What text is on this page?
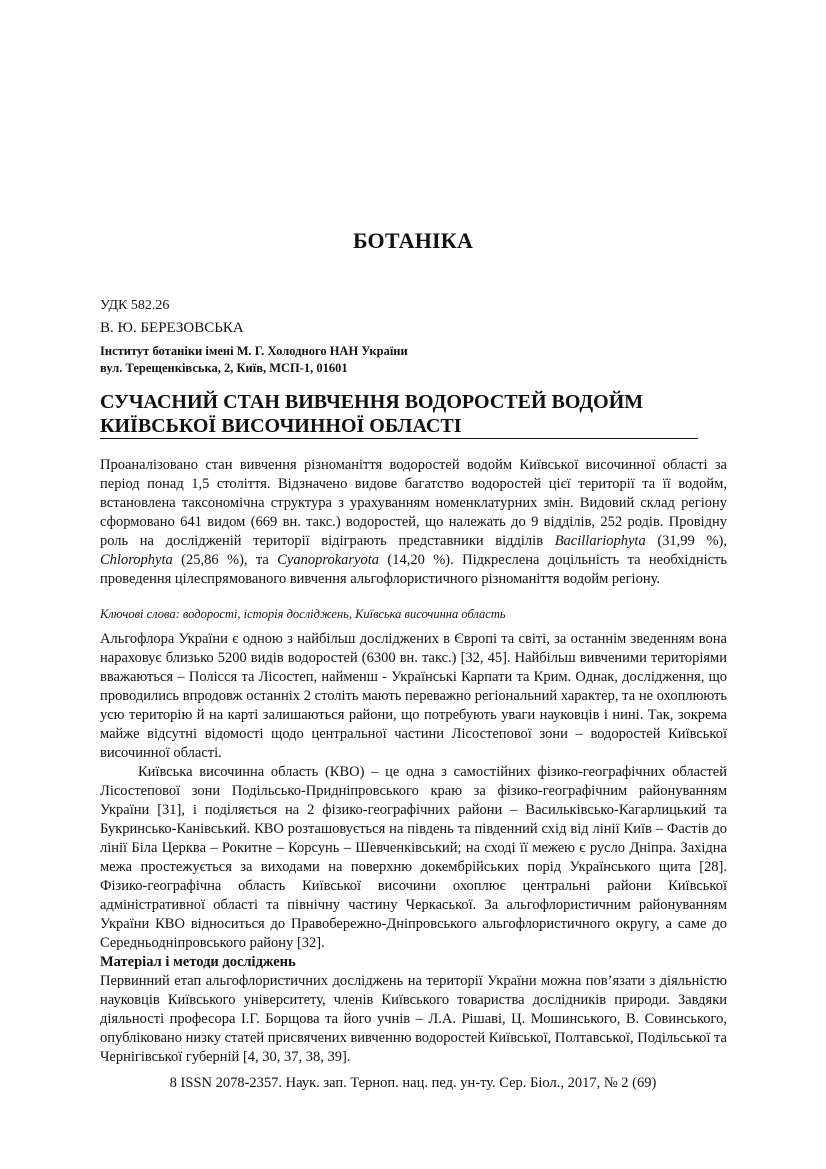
БОТАНІКА
УДК 582.26
В. Ю. БЕРЕЗОВСЬКА
Інститут ботаніки імені М. Г. Холодного НАН України
вул. Терещенківська, 2, Київ, МСП-1, 01601
СУЧАСНИЙ СТАН ВИВЧЕННЯ ВОДОРОСТЕЙ ВОДОЙМ
КИЇВСЬКОЇ ВИСОЧИННОЇ ОБЛАСТІ

Проаналізовано стан вивчення різноманіття водоростей водойм Київської височинної області за період понад 1,5 століття. Відзначено видове багатство водоростей цієї території та її водойм, встановлена таксономічна структура з урахуванням номенклатурних змін. Видовий склад регіону сформовано 641 видом (669 вн. такс.) водоростей, що належать до 9 відділів, 252 родів. Провідну роль на дослідженій території відіграють представники відділів Bacillariophyta (31,99 %), Chlorophyta (25,86 %), та Cyanoprokaryota (14,20 %). Підкреслена доцільність та необхідність проведення цілеспрямованого вивчення альгофлористичного різноманіття водойм регіону.

Ключові слова: водорості, історія досліджень, Київська височинна область

Альгофлора України є одною з найбільш досліджених в Європі та світі, за останнім зведенням вона нараховує близько 5200 видів водоростей (6300 вн. такс.) [32, 45]. Найбільш вивченими територіями вважаються – Полісся та Лісостеп, найменш - Українські Карпати та Крим. Однак, дослідження, що проводились впродовж останніх 2 століть мають переважно регіональний характер, та не охоплюють усю територію й на карті залишаються райони, що потребують уваги науковців і нині. Так, зокрема майже відсутні відомості щодо центральної частини Лісостепової зони – водоростей Київської височинної області.

Київська височинна область (КВО) – це одна з самостійних фізико-географічних областей Лісостепової зони Подільсько-Придніпровського краю за фізико-географічним районуванням України [31], і поділяється на 2 фізико-географічних райони – Васильківсько-Кагарлицький та Букринсько-Канівський. КВО розташовується на південь та південний схід від лінії Київ – Фастів до лінії Біла Церква – Рокитне – Корсунь – Шевченківський; на сході її межею є русло Дніпра. Західна межа простежується за виходами на поверхню докембрійських порід Українського щита [28]. Фізико-географічна область Київської височини охоплює центральні райони Київської адміністративної області та північну частину Черкаської. За альгофлористичним районуванням України КВО відноситься до Правобережно-Дніпровського альгофлористичного округу, а саме до Середньодніпровського району [32].

Матеріал і методи досліджень

Первинний етап альгофлористичних досліджень на території України можна пов’язати з діяльністю науковців Київського університету, членів Київського товариства дослідників природи. Завдяки діяльності професора І.Г. Борщова та його учнів – Л.А. Рішаві, Ц. Мошинського, В. Совинського, опубліковано низку статей присвячених вивченню водоростей Київської, Полтавської, Подільської та Чернігівської губерній [4, 30, 37, 38, 39].

8 ISSN 2078-2357. Наук. зап. Терноп. нац. пед. ун-ту. Сер. Біол., 2017, № 2 (69)
